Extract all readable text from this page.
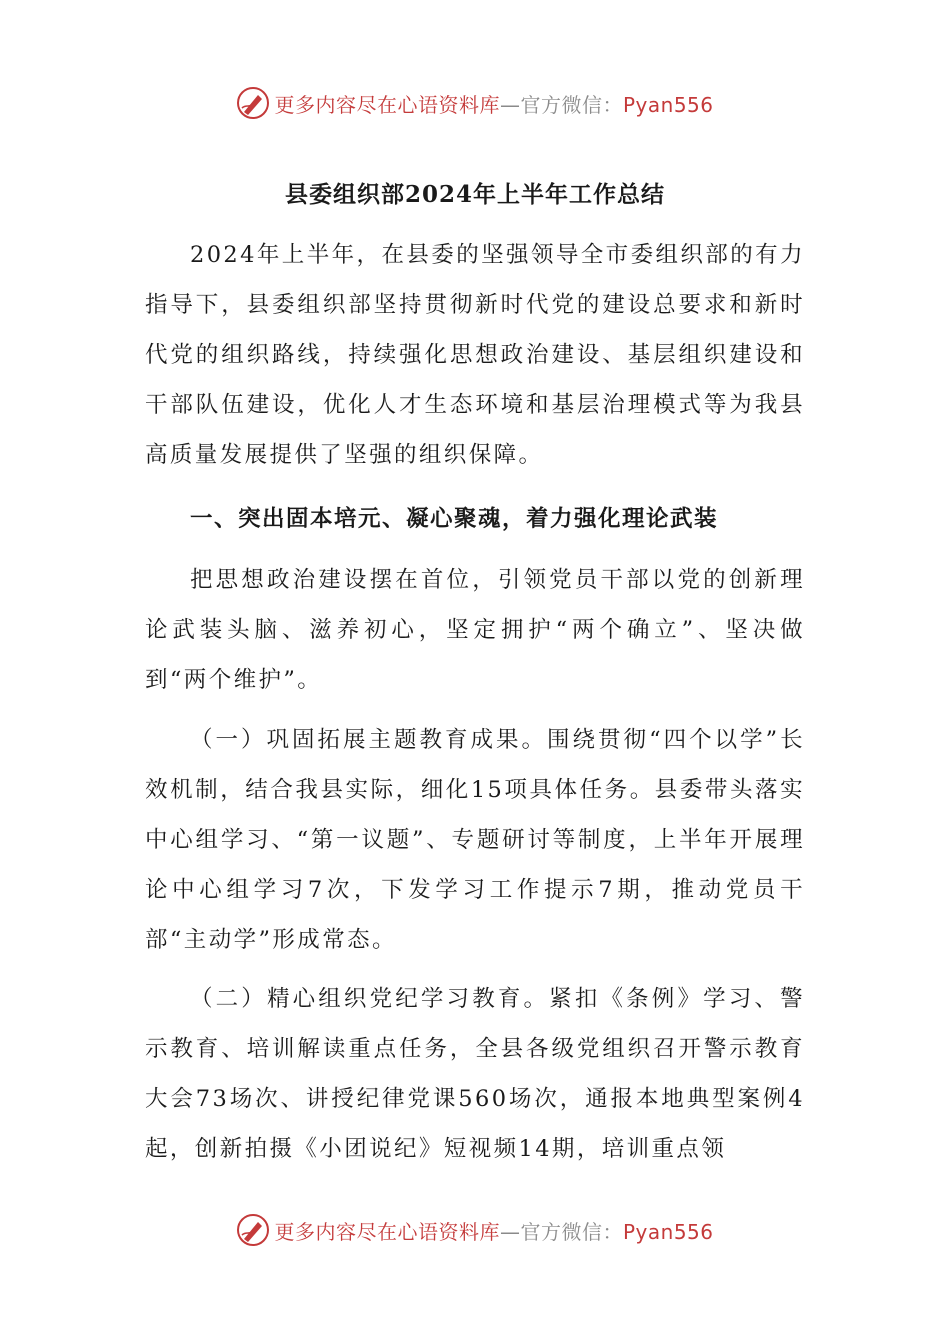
更多内容尽在心语资料库—官方微信：Pyan556
县委组织部2024年上半年工作总结

2024年上半年，在县委的坚强领导全市委组织部的有力指导下，县委组织部坚持贯彻新时代党的建设总要求和新时代党的组织路线，持续强化思想政治建设、基层组织建设和干部队伍建设，优化人才生态环境和基层治理模式等为我县高质量发展提供了坚强的组织保障。

一、突出固本培元、凝心聚魂，着力强化理论武装

把思想政治建设摆在首位，引领党员干部以党的创新理论武装头脑、滋养初心，坚定拥护“两个确立”、坚决做到“两个维护”。

（一）巩固拓展主题教育成果。围绕贯彻“四个以学”长效机制，结合我县实际，细化15项具体任务。县委带头落实中心组学习、“第一议题”、专题研讨等制度，上半年开展理论中心组学习7次，下发学习工作提示7期，推动党员干部“主动学”形成常态。

（二）精心组织党纪学习教育。紧扣《条例》学习、警示教育、培训解读重点任务，全县各级党组织召开警示教育大会73场次、讲授纪律党课560场次，通报本地典型案例4起，创新拍摄《小团说纪》短视频14期，培训重点领

更多内容尽在心语资料库—官方微信：Pyan556
